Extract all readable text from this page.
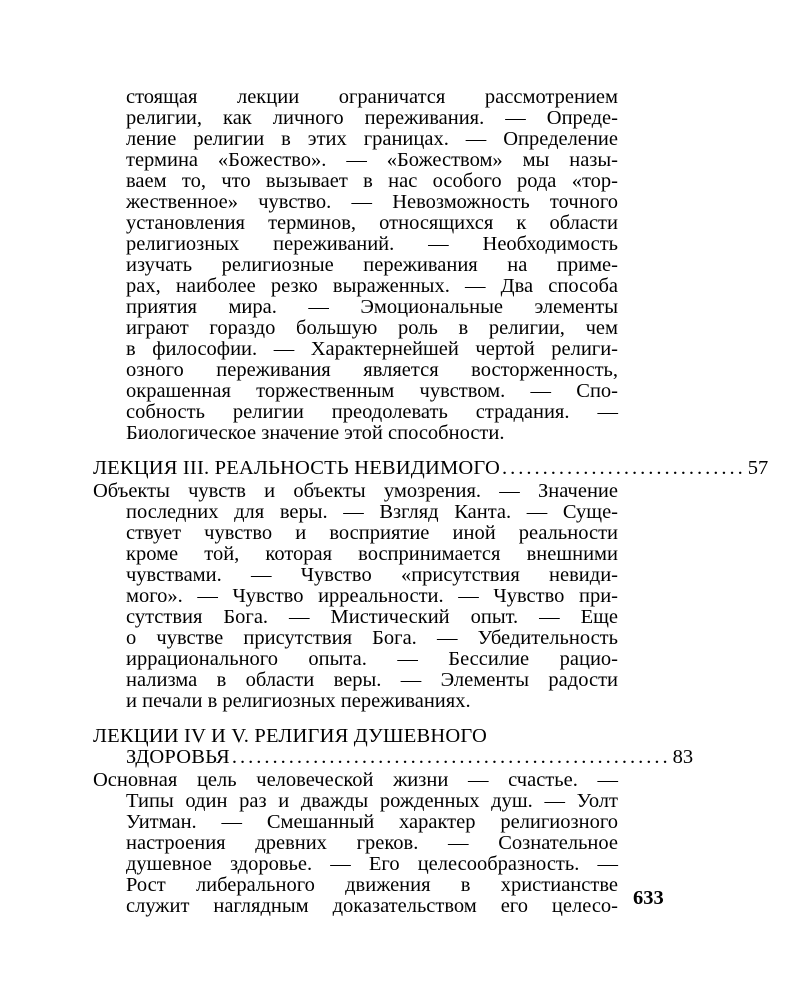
стоящая лекции ограничатся рассмотрением
религии, как личного переживания. — Опреде-
ление религии в этих границах. — Определение
термина «Божество». — «Божеством» мы назы-
ваем то, что вызывает в нас особого рода «тор-
жественное» чувство. — Невозможность точного
установления терминов, относящихся к области
религиозных переживаний. — Необходимость
изучать религиозные переживания на приме-
рах, наиболее резко выраженных. — Два способа
приятия мира. — Эмоциональные элементы
играют гораздо большую роль в религии, чем
в философии. — Характернейшей чертой религи-
озного переживания является восторженность,
окрашенная торжественным чувством. — Спо-
собность религии преодолевать страдания. —
Биологическое значение этой способности.
ЛЕКЦИЯ III. РЕАЛЬНОСТЬ НЕВИДИМОГО .............................. 57
Объекты чувств и объекты умозрения. — Значение
последних для веры. — Взгляд Канта. — Суще-
ствует чувство и восприятие иной реальности
кроме той, которая воспринимается внешними
чувствами. — Чувство «присутствия невиди-
мого». — Чувство ирреальности. — Чувство при-
сутствия Бога. — Мистический опыт. — Еще
о чувстве присутствия Бога. — Убедительность
иррационального опыта. — Бессилие рацио-
нализма в области веры. — Элементы радости
и печали в религиозных переживаниях.
ЛЕКЦИИ IV И V. РЕЛИГИЯ ДУШЕВНОГО
ЗДОРОВЬЯ ...................................................... 83
Основная цель человеческой жизни — счастье. —
Типы один раз и дважды рожденных душ. — Уолт
Уитман. — Смешанный характер религиозного
настроения древних греков. — Сознательное
душевное здоровье. — Его целесообразность. —
Рост либерального движения в христианстве
служит наглядным доказательством его целесо- 633
